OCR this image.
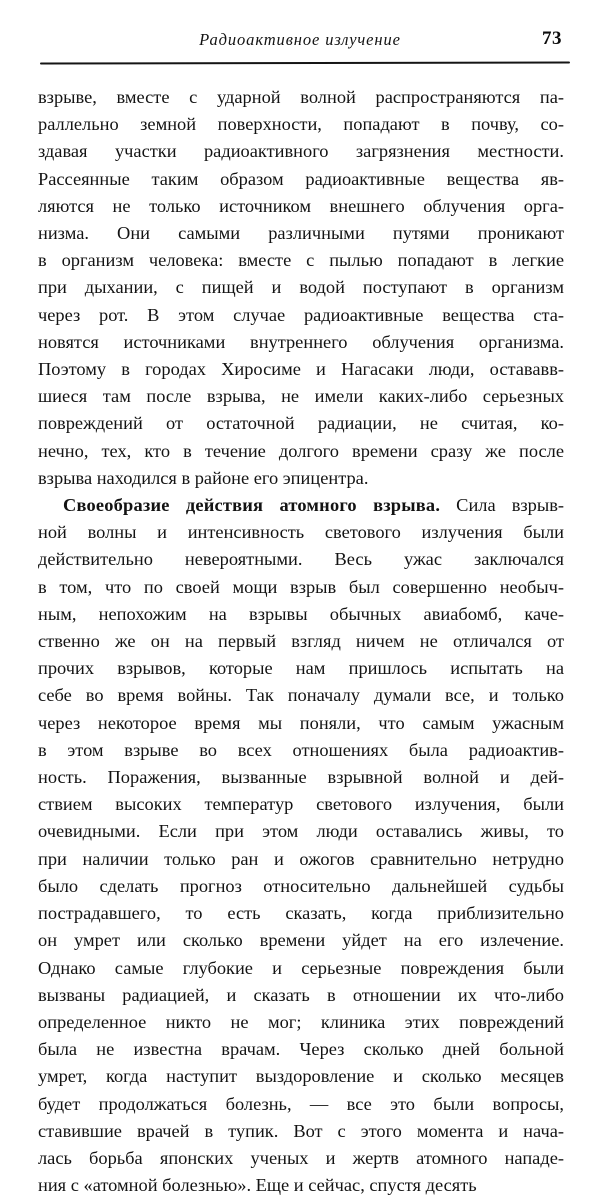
Радиоактивное излучение	73

взрыве, вместе с ударной волной распространяются па-
раллельно земной поверхности, попадают в почву, со-
здавая участки радиоактивного загрязнения местности.
Рассеянные таким образом радиоактивные вещества яв-
ляются не только источником внешнего облучения орга-
низма. Они самыми различными путями проникают
в организм человека: вместе с пылью попадают в легкие
при дыхании, с пищей и водой поступают в организм
через рот. В этом случае радиоактивные вещества ста-
новятся источниками внутреннего облучения организма.
Поэтому в городах Хиросиме и Нагасаки люди, остававв-
шиеся там после взрыва, не имели каких-либо серьезных
повреждений от остаточной радиации, не считая, ко-
нечно, тех, кто в течение долгого времени сразу же после
взрыва находился в районе его эпицентра.

Своеобразие действия атомного взрыва. Сила взрыв-
ной волны и интенсивность светового излучения были
действительно невероятными. Весь ужас заключался
в том, что по своей мощи взрыв был совершенно необыч-
ным, непохожим на взрывы обычных авиабомб, каче-
ственно же он на первый взгляд ничем не отличался от
прочих взрывов, которые нам пришлось испытать на
себе во время войны. Так поначалу думали все, и только
через некоторое время мы поняли, что самым ужасным
в этом взрыве во всех отношениях была радиоактив-
ность. Поражения, вызванные взрывной волной и дей-
ствием высоких температур светового излучения, были
очевидными. Если при этом люди оставались живы, то
при наличии только ран и ожогов сравнительно нетрудно
было сделать прогноз относительно дальнейшей судьбы
пострадавшего, то есть сказать, когда приблизительно
он умрет или сколько времени уйдет на его излечение.
Однако самые глубокие и серьезные повреждения были
вызваны радиацией, и сказать в отношении их что-либо
определенное никто не мог; клиника этих повреждений
была не известна врачам. Через сколько дней больной
умрет, когда наступит выздоровление и сколько месяцев
будет продолжаться болезнь, — все это были вопросы,
ставившие врачей в тупик. Вот с этого момента и нача-
лась борьба японских ученых и жертв атомного нападе-
ния с «атомной болезнью». Еще и сейчас, спустя десять
